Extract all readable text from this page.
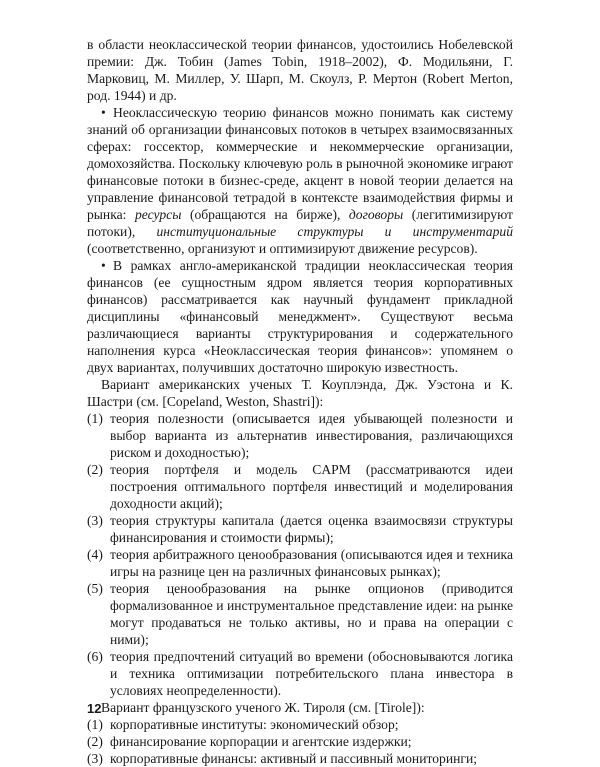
в области неоклассической теории финансов, удостоились Нобелевской премии: Дж. Тобин (James Tobin, 1918–2002), Ф. Модильяни, Г. Марковиц, М. Миллер, У. Шарп, М. Скоулз, Р. Мертон (Robert Merton, род. 1944) и др.

• Неоклассическую теорию финансов можно понимать как систему знаний об организации финансовых потоков в четырех взаимосвязанных сферах: госсектор, коммерческие и некоммерческие организации, домохозяйства. Поскольку ключевую роль в рыночной экономике играют финансовые потоки в бизнес-среде, акцент в новой теории делается на управление финансовой тетрадой в контексте взаимодействия фирмы и рынка: ресурсы (обращаются на бирже), договоры (легитимизируют потоки), институциональные структуры и инструментарий (соответственно, организуют и оптимизируют движение ресурсов).

• В рамках англо-американской традиции неоклассическая теория финансов (ее сущностным ядром является теория корпоративных финансов) рассматривается как научный фундамент прикладной дисциплины «финансовый менеджмент». Существуют весьма различающиеся варианты структурирования и содержательного наполнения курса «Неоклассическая теория финансов»: упомянем о двух вариантах, получивших достаточно широкую известность.

Вариант американских ученых Т. Коуплэнда, Дж. Уэстона и К. Шастри (см. [Copeland, Weston, Shastri]):

(1) теория полезности (описывается идея убывающей полезности и выбор варианта из альтернатив инвестирования, различающихся риском и доходностью);
(2) теория портфеля и модель CAPM (рассматриваются идеи построения оптимального портфеля инвестиций и моделирования доходности акций);
(3) теория структуры капитала (дается оценка взаимосвязи структуры финансирования и стоимости фирмы);
(4) теория арбитражного ценообразования (описываются идея и техника игры на разнице цен на различных финансовых рынках);
(5) теория ценообразования на рынке опционов (приводится формализованное и инструментальное представление идеи: на рынке могут продаваться не только активы, но и права на операции с ними);
(6) теория предпочтений ситуаций во времени (обосновываются логика и техника оптимизации потребительского плана инвестора в условиях неопределенности).

Вариант французского ученого Ж. Тироля (см. [Tirole]):

(1) корпоративные институты: экономический обзор;
(2) финансирование корпорации и агентские издержки;
(3) корпоративные финансы: активный и пассивный мониторинги;
12
